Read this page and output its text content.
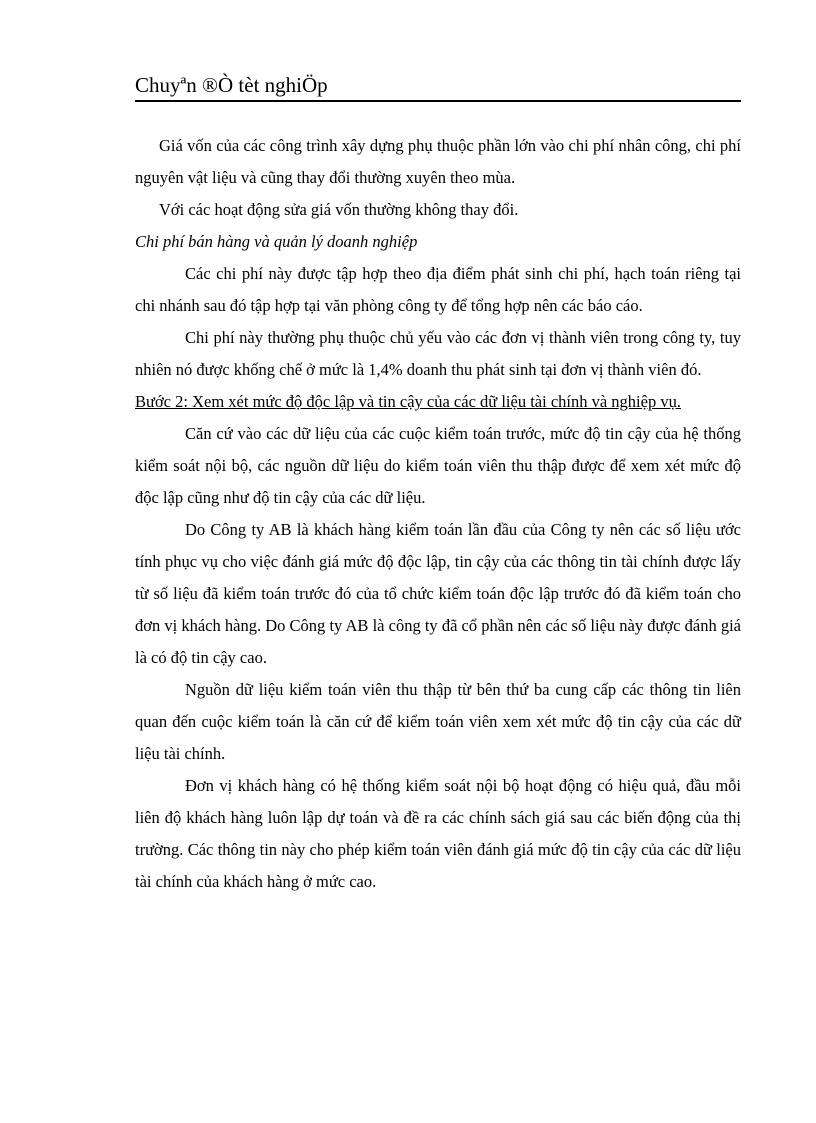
Chuyªn ®Ò tèt nghiÖp

Giá vốn của các công trình xây dựng phụ thuộc phần lớn vào chi phí nhân công, chi phí nguyên vật liệu và cũng thay đổi thường xuyên theo mùa.

Với các hoạt động sửa giá vốn thường không thay đổi.

Chi phí bán hàng và quản lý doanh nghiệp

Các chi phí này được tập hợp theo địa điểm phát sinh chi phí, hạch toán riêng tại chi nhánh sau đó tập hợp tại văn phòng công ty để tổng hợp nên các báo cáo.

Chi phí này thường phụ thuộc chủ yếu vào các đơn vị thành viên trong công ty, tuy nhiên nó được khống chế ở mức là 1,4% doanh thu phát sinh tại đơn vị thành viên đó.

Bước 2: Xem xét mức độ độc lập và tin cậy của các dữ liệu tài chính và nghiệp vụ.

Căn cứ vào các dữ liệu của các cuộc kiểm toán trước, mức độ tin cậy của hệ thống kiểm soát nội bộ, các nguồn dữ liệu do kiểm toán viên thu thập được để xem xét mức độ độc lập cũng như độ tin cậy của các dữ liệu.

Do Công ty AB là khách hàng kiểm toán lần đầu của Công ty nên các số liệu ước tính phục vụ cho việc đánh giá mức độ độc lập, tin cậy của các thông tin tài chính được lấy từ số liệu đã kiểm toán trước đó của tổ chức kiểm toán độc lập trước đó đã kiểm toán cho đơn vị khách hàng. Do Công ty AB là công ty đã cổ phần nên các số liệu này được đánh giá là có độ tin cậy cao.

Nguồn dữ liệu kiểm toán viên thu thập từ bên thứ ba cung cấp các thông tin liên quan đến cuộc kiểm toán là căn cứ để kiểm toán viên xem xét mức độ tin cậy của các dữ liệu tài chính.

Đơn vị khách hàng có hệ thống kiểm soát nội bộ hoạt động có hiệu quả, đầu mỗi liên độ khách hàng luôn lập dự toán và đề ra các chính sách giá sau các biến động của thị trường. Các thông tin này cho phép kiểm toán viên đánh giá mức độ tin cậy của các dữ liệu tài chính của khách hàng ở mức cao.
